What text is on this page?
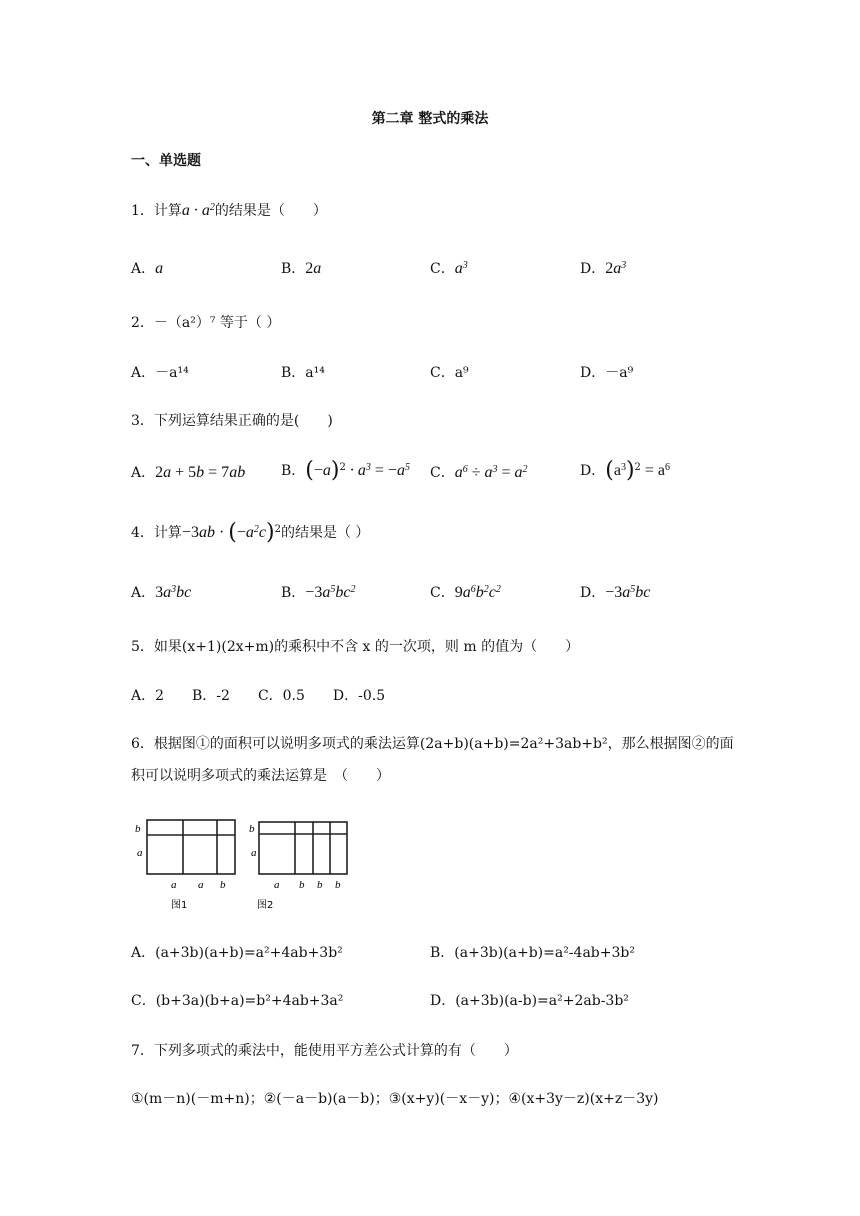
第二章 整式的乘法
一、单选题
1．计算$a \cdot a^2$的结果是（　　）
A．a	B．2a	C．$a^3$	D．$2a^3$
2．－（a²）⁷ 等于（ ）
A．－a¹⁴	B．a¹⁴	C．a⁹	D．－a⁹
3．下列运算结果正确的是(　　)
A．2a + 5b = 7ab	B．$(-a)^2 \cdot a^3 = -a^5$ C．$a^6 \div a^3 = a^2$	D．$(a^3)^2 = a^6$
4．计算$-3ab \cdot (-a^2c)^2$的结果是（ ）
A．$3a^3bc$	B．$-3a^5bc^2$	C．$9a^6b^2c^2$	D．$-3a^5bc$
5．如果(x+1)(2x+m)的乘积中不含 x 的一次项，则 m 的值为（　　）
A．2　　B．-2　　C．0.5　　D．-0.5
6．根据图①的面积可以说明多项式的乘法运算(2a+b)(a+b)=2a²+3ab+b²，那么根据图②的面
积可以说明多项式的乘法运算是　（　　）
b
a
a a b
图1
b
a
a b b b
图2
A．(a+3b)(a+b)=a²+4ab+3b²	B．(a+3b)(a+b)=a²-4ab+3b²
C．(b+3a)(b+a)=b²+4ab+3a²	D．(a+3b)(a-b)=a²+2ab-3b²
7．下列多项式的乘法中，能使用平方差公式计算的有（　　）
①(m－n)(－m+n)；②(－a－b)(a－b)；③(x+y)(－x－y)；④(x+3y－z)(x+z－3y)
